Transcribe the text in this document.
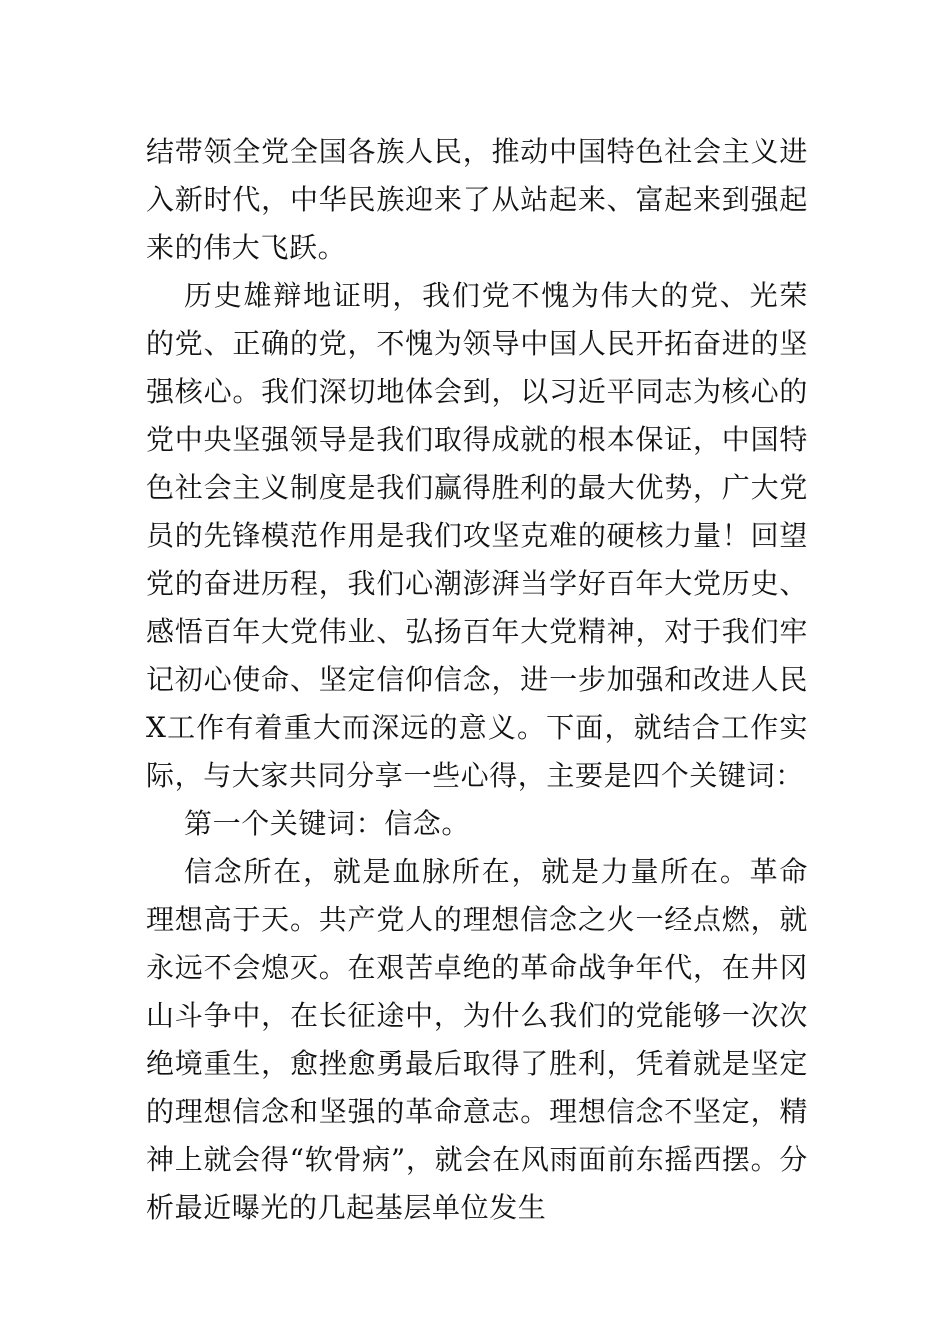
结带领全党全国各族人民，推动中国特色社会主义进入新时代，中华民族迎来了从站起来、富起来到强起来的伟大飞跃。

历史雄辩地证明，我们党不愧为伟大的党、光荣的党、正确的党，不愧为领导中国人民开拓奋进的坚强核心。我们深切地体会到，以习近平同志为核心的党中央坚强领导是我们取得成就的根本保证，中国特色社会主义制度是我们赢得胜利的最大优势，广大党员的先锋模范作用是我们攻坚克难的硬核力量！回望党的奋进历程，我们心潮澎湃当学好百年大党历史、感悟百年大党伟业、弘扬百年大党精神，对于我们牢记初心使命、坚定信仰信念，进一步加强和改进人民X工作有着重大而深远的意义。下面，就结合工作实际，与大家共同分享一些心得，主要是四个关键词：

第一个关键词：信念。

信念所在，就是血脉所在，就是力量所在。革命理想高于天。共产党人的理想信念之火一经点燃，就永远不会熄灭。在艰苦卓绝的革命战争年代，在井冈山斗争中，在长征途中，为什么我们的党能够一次次绝境重生，愈挫愈勇最后取得了胜利，凭着就是坚定的理想信念和坚强的革命意志。理想信念不坚定，精神上就会得“软骨病”，就会在风雨面前东摇西摆。分析最近曝光的几起基层单位发生
